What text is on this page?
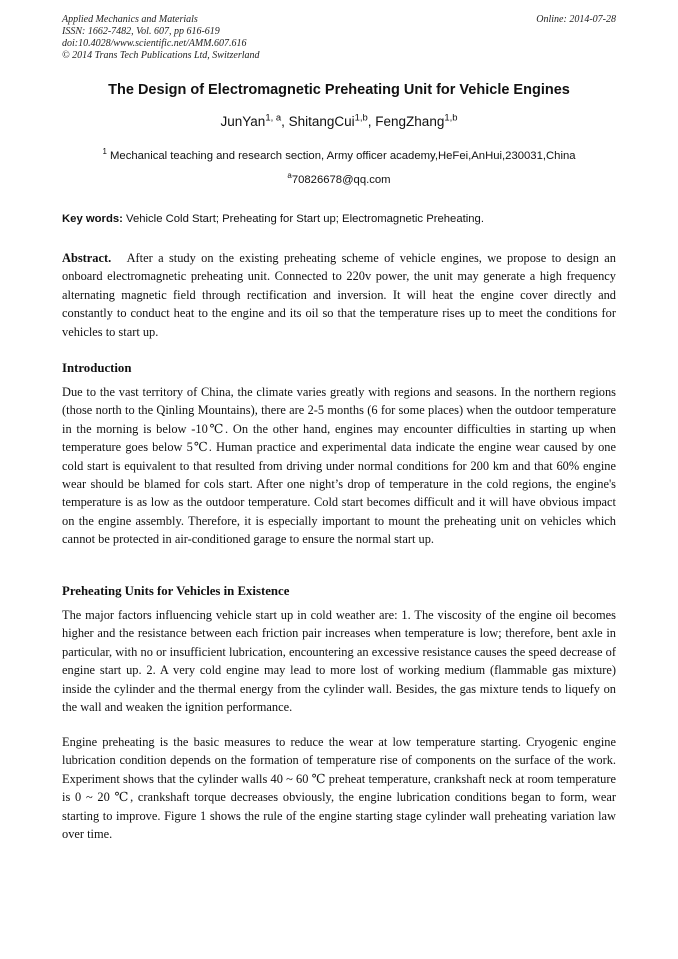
Applied Mechanics and Materials
ISSN: 1662-7482, Vol. 607, pp 616-619
doi:10.4028/www.scientific.net/AMM.607.616
© 2014 Trans Tech Publications Ltd, Switzerland
Online: 2014-07-28
The Design of Electromagnetic Preheating Unit for Vehicle Engines
JunYan$^{1, a}$, ShitangCui$^{1,b}$, FengZhang$^{1,b}$
$^1$ Mechanical teaching and research section, Army officer academy,HeFei,AnHui,230031,China
$^a$70826678@qq.com
Key words: Vehicle Cold Start; Preheating for Start up; Electromagnetic Preheating.
Abstract. After a study on the existing preheating scheme of vehicle engines, we propose to design an onboard electromagnetic preheating unit. Connected to 220v power, the unit may generate a high frequency alternating magnetic field through rectification and inversion. It will heat the engine cover directly and constantly to conduct heat to the engine and its oil so that the temperature rises up to meet the conditions for vehicles to start up.
Introduction
Due to the vast territory of China, the climate varies greatly with regions and seasons. In the northern regions (those north to the Qinling Mountains), there are 2-5 months (6 for some places) when the outdoor temperature in the morning is below -10℃. On the other hand, engines may encounter difficulties in starting up when temperature goes below 5℃. Human practice and experimental data indicate the engine wear caused by one cold start is equivalent to that resulted from driving under normal conditions for 200 km and that 60% engine wear should be blamed for cols start. After one night’s drop of temperature in the cold regions, the engine's temperature is as low as the outdoor temperature. Cold start becomes difficult and it will have obvious impact on the engine assembly. Therefore, it is especially important to mount the preheating unit on vehicles which cannot be protected in air-conditioned garage to ensure the normal start up.
Preheating Units for Vehicles in Existence
The major factors influencing vehicle start up in cold weather are: 1. The viscosity of the engine oil becomes higher and the resistance between each friction pair increases when temperature is low; therefore, bent axle in particular, with no or insufficient lubrication, encountering an excessive resistance causes the speed decrease of engine start up. 2. A very cold engine may lead to more lost of working medium (flammable gas mixture) inside the cylinder and the thermal energy from the cylinder wall. Besides, the gas mixture tends to liquefy on the wall and weaken the ignition performance.
Engine preheating is the basic measures to reduce the wear at low temperature starting. Cryogenic engine lubrication condition depends on the formation of temperature rise of components on the surface of the work. Experiment shows that the cylinder walls 40 ~ 60 ℃ preheat temperature, crankshaft neck at room temperature is 0 ~ 20 ℃, crankshaft torque decreases obviously, the engine lubrication conditions began to form, wear starting to improve. Figure 1 shows the rule of the engine starting stage cylinder wall preheating variation law over time.
